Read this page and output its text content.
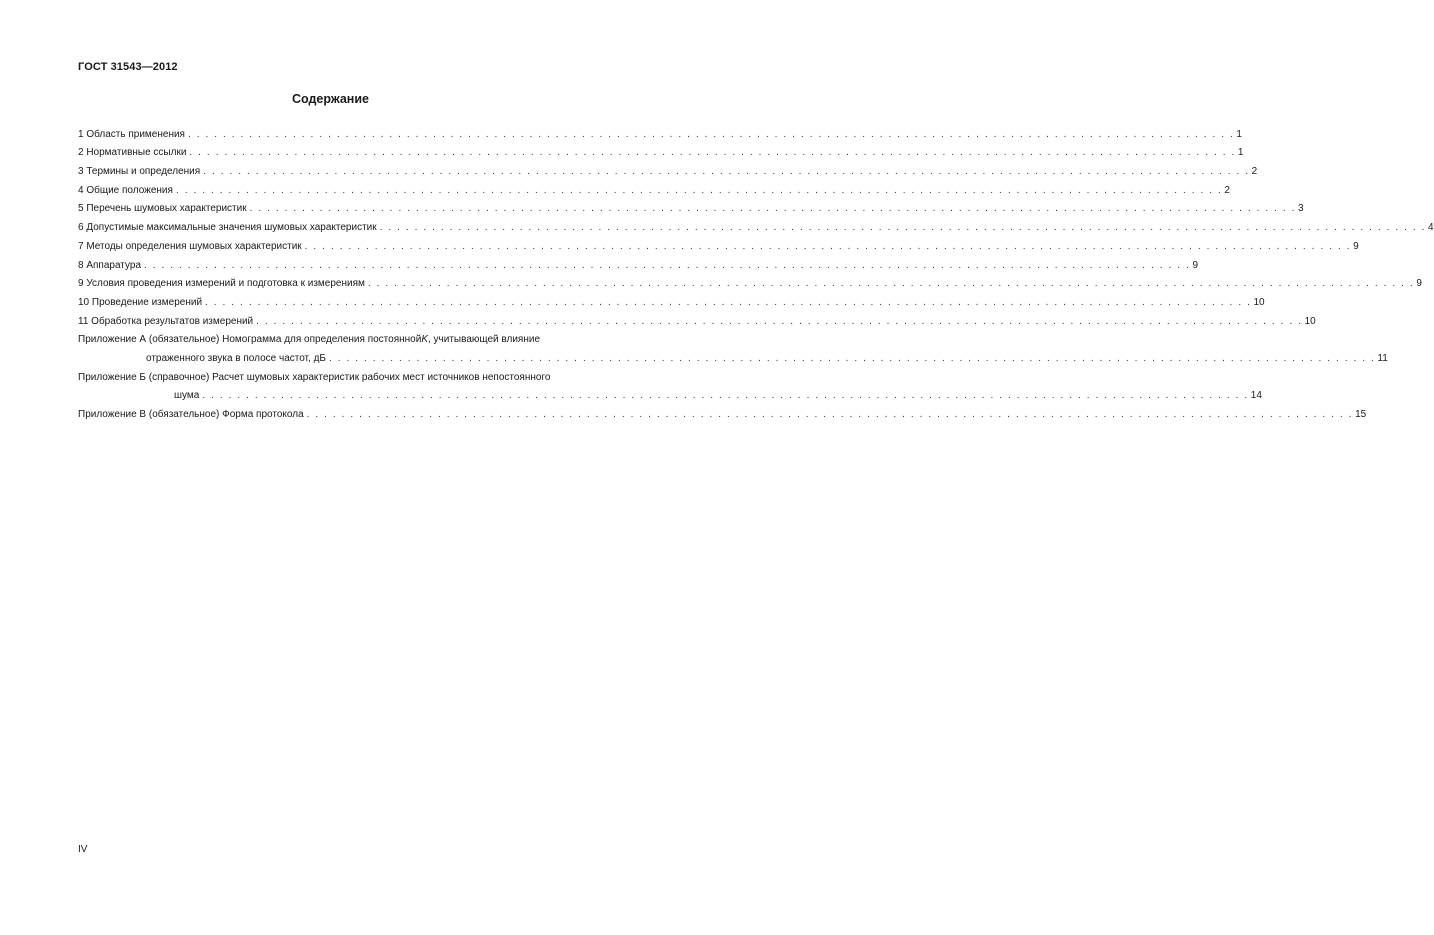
ГОСТ 31543—2012
Содержание
1 Область применения . . . . . . . . . . . . . . . . . . . . . . . . . . . . . . . . . . . . . . . . . . . . . . . . . . . . . . . . . . . . . . . . . . . . . . . . . . . . . . . . . . . . . . . . . . . . . . . . . . . . . . . . . . . . . . . . . . . . . . . . 1
2 Нормативные ссылки . . . . . . . . . . . . . . . . . . . . . . . . . . . . . . . . . . . . . . . . . . . . . . . . . . . . . . . . . . . . . . . . . . . . . . . . . . . . . . . . . . . . . . . . . . . . . . . . . . . . . . . . . . . . . . . . . . . . . . . . 1
3 Термины и определения . . . . . . . . . . . . . . . . . . . . . . . . . . . . . . . . . . . . . . . . . . . . . . . . . . . . . . . . . . . . . . . . . . . . . . . . . . . . . . . . . . . . . . . . . . . . . . . . . . . . . . . . . . . . . . . . . . . . . . . . 2
4 Общие положения . . . . . . . . . . . . . . . . . . . . . . . . . . . . . . . . . . . . . . . . . . . . . . . . . . . . . . . . . . . . . . . . . . . . . . . . . . . . . . . . . . . . . . . . . . . . . . . . . . . . . . . . . . . . . . . . . . . . . . . . 2
5 Перечень шумовых характеристик . . . . . . . . . . . . . . . . . . . . . . . . . . . . . . . . . . . . . . . . . . . . . . . . . . . . . . . . . . . . . . . . . . . . . . . . . . . . . . . . . . . . . . . . . . . . . . . . . . . . . . . . . . . . . . . . . . . . . . . . 3
6 Допустимые максимальные значения шумовых характеристик . . . . . . . . . . . . . . . . . . . . . . . . . . . . . . . . . . . . . . . . . . . . . . . . . . . . . . . . . . . . . . . . . . . . . . . . . . . . . . . . . . . . . . . . . . . . . . . . . . . . . . . . . . . . . . . . . . . . . . . . 4
7 Методы определения шумовых характеристик . . . . . . . . . . . . . . . . . . . . . . . . . . . . . . . . . . . . . . . . . . . . . . . . . . . . . . . . . . . . . . . . . . . . . . . . . . . . . . . . . . . . . . . . . . . . . . . . . . . . . . . . . . . . . . . . . . . . . . . . 9
8 Аппаратура . . . . . . . . . . . . . . . . . . . . . . . . . . . . . . . . . . . . . . . . . . . . . . . . . . . . . . . . . . . . . . . . . . . . . . . . . . . . . . . . . . . . . . . . . . . . . . . . . . . . . . . . . . . . . . . . . . . . . . . . 9
9 Условия проведения измерений и подготовка к измерениям . . . . . . . . . . . . . . . . . . . . . . . . . . . . . . . . . . . . . . . . . . . . . . . . . . . . . . . . . . . . . . . . . . . . . . . . . . . . . . . . . . . . . . . . . . . . . . . . . . . . . . . . . . . . . . . . . . . . . . . . 9
10 Проведение измерений . . . . . . . . . . . . . . . . . . . . . . . . . . . . . . . . . . . . . . . . . . . . . . . . . . . . . . . . . . . . . . . . . . . . . . . . . . . . . . . . . . . . . . . . . . . . . . . . . . . . . . . . . . . . . . . . . . . . . . . . 10
11 Обработка результатов измерений . . . . . . . . . . . . . . . . . . . . . . . . . . . . . . . . . . . . . . . . . . . . . . . . . . . . . . . . . . . . . . . . . . . . . . . . . . . . . . . . . . . . . . . . . . . . . . . . . . . . . . . . . . . . . . . . . . . . . . . . 10
Приложение А (обязательное) Номограмма для определения постоянной K , учитывающей влияние
отраженного звука в полосе частот, дБ . . . . . . . . . . . . . . . . . . . . . . . . . . . . . . . . . . . . . . . . . . . . . . . . . . . . . . . . . . . . . . . . . . . . . . . . . . . . . . . . . . . . . . . . . . . . . . . . . . . . . . . . . . . . . . . . . . . . . . . . 11
Приложение Б (справочное) Расчет шумовых характеристик рабочих мест источников непостоянного
шума . . . . . . . . . . . . . . . . . . . . . . . . . . . . . . . . . . . . . . . . . . . . . . . . . . . . . . . . . . . . . . . . . . . . . . . . . . . . . . . . . . . . . . . . . . . . . . . . . . . . . . . . . . . . . . . . . . . . . . . . 14
Приложение В (обязательное) Форма протокола . . . . . . . . . . . . . . . . . . . . . . . . . . . . . . . . . . . . . . . . . . . . . . . . . . . . . . . . . . . . . . . . . . . . . . . . . . . . . . . . . . . . . . . . . . . . . . . . . . . . . . . . . . . . . . . . . . . . . . . . 15
IV
